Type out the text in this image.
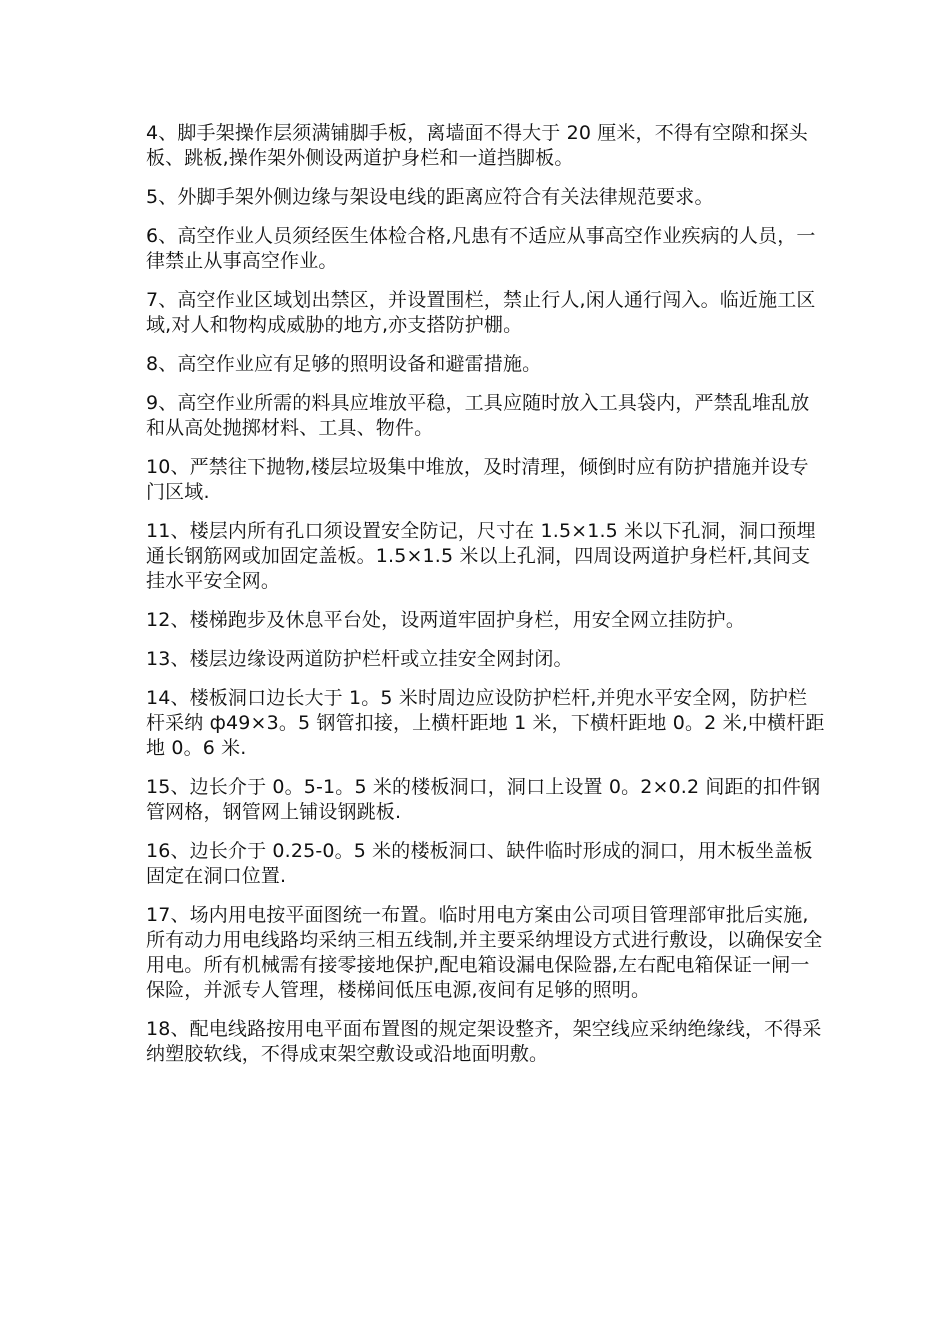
4、脚手架操作层须满铺脚手板，离墙面不得大于 20 厘米，不得有空隙和探头板、跳板,操作架外侧设两道护身栏和一道挡脚板。

5、外脚手架外侧边缘与架设电线的距离应符合有关法律规范要求。

6、高空作业人员须经医生体检合格,凡患有不适应从事高空作业疾病的人员，一律禁止从事高空作业。

7、高空作业区域划出禁区，并设置围栏，禁止行人,闲人通行闯入。临近施工区域,对人和物构成威胁的地方,亦支搭防护棚。

8、高空作业应有足够的照明设备和避雷措施。

9、高空作业所需的料具应堆放平稳，工具应随时放入工具袋内，严禁乱堆乱放和从高处抛掷材料、工具、物件。

10、严禁往下抛物,楼层垃圾集中堆放，及时清理，倾倒时应有防护措施并设专门区域.

11、楼层内所有孔口须设置安全防记，尺寸在 1.5×1.5 米以下孔洞，洞口预埋通长钢筋网或加固定盖板。1.5×1.5 米以上孔洞，四周设两道护身栏杆,其间支挂水平安全网。

12、楼梯跑步及休息平台处，设两道牢固护身栏，用安全网立挂防护。

13、楼层边缘设两道防护栏杆或立挂安全网封闭。

14、楼板洞口边长大于 1。5 米时周边应设防护栏杆,并兜水平安全网，防护栏杆采纳 ф49×3。5 钢管扣接，上横杆距地 1 米，下横杆距地 0。2 米,中横杆距地 0。6 米.

15、边长介于 0。5-1。5 米的楼板洞口，洞口上设置 0。2×0.2 间距的扣件钢管网格，钢管网上铺设钢跳板.

16、边长介于 0.25-0。5 米的楼板洞口、缺件临时形成的洞口，用木板坐盖板固定在洞口位置.

17、场内用电按平面图统一布置。临时用电方案由公司项目管理部审批后实施,所有动力用电线路均采纳三相五线制,并主要采纳埋设方式进行敷设，以确保安全用电。所有机械需有接零接地保护,配电箱设漏电保险器,左右配电箱保证一闸一保险，并派专人管理，楼梯间低压电源,夜间有足够的照明。

18、配电线路按用电平面布置图的规定架设整齐，架空线应采纳绝缘线，不得采纳塑胶软线，不得成束架空敷设或沿地面明敷。
